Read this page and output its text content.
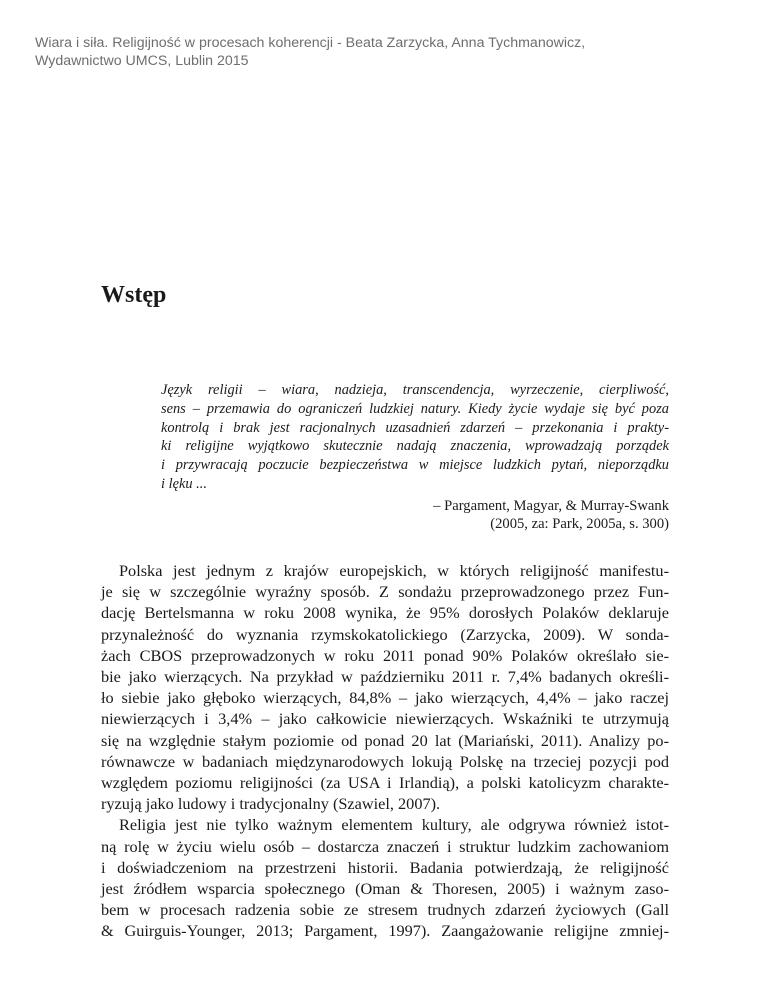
Wiara i siła. Religijność w procesach koherencji - Beata Zarzycka, Anna Tychmanowicz,
Wydawnictwo UMCS, Lublin 2015
Wstęp
Język religii – wiara, nadzieja, transcendencja, wyrzeczenie, cierpliwość,
sens – przemawia do ograniczeń ludzkiej natury. Kiedy życie wydaje się być poza
kontrolą i brak jest racjonalnych uzasadnień zdarzeń – przekonania i prakty-
ki religijne wyjątkowo skutecznie nadają znaczenia, wprowadzają porządek
i przywracają poczucie bezpieczeństwa w miejsce ludzkich pytań, nieporządku
i lęku ...
– Pargament, Magyar, & Murray-Swank
(2005, za: Park, 2005a, s. 300)
Polska jest jednym z krajów europejskich, w których religijność manifestu-
je się w szczególnie wyraźny sposób. Z sondażu przeprowadzonego przez Fun-
dację Bertelsmanna w roku 2008 wynika, że 95% dorosłych Polaków deklaruje
przynależność do wyznania rzymskokatolickiego (Zarzycka, 2009). W sonda-
żach CBOS przeprowadzonych w roku 2011 ponad 90% Polaków określało sie-
bie jako wierzących. Na przykład w październiku 2011 r. 7,4% badanych określi-
ło siebie jako głęboko wierzących, 84,8% – jako wierzących, 4,4% – jako raczej
niewierzących i 3,4% – jako całkowicie niewierzących. Wskaźniki te utrzymują
się na względnie stałym poziomie od ponad 20 lat (Mariański, 2011). Analizy po-
równawcze w badaniach międzynarodowych lokują Polskę na trzeciej pozycji pod
względem poziomu religijności (za USA i Irlandią), a polski katolicyzm charakte-
ryzują jako ludowy i tradycjonalny (Szawiel, 2007).
Religia jest nie tylko ważnym elementem kultury, ale odgrywa również istot-
ną rolę w życiu wielu osób – dostarcza znaczeń i struktur ludzkim zachowaniom
i doświadczeniom na przestrzeni historii. Badania potwierdzają, że religijność
jest źródłem wsparcia społecznego (Oman & Thoresen, 2005) i ważnym zaso-
bem w procesach radzenia sobie ze stresem trudnych zdarzeń życiowych (Gall
& Guirguis-Younger, 2013; Pargament, 1997). Zaangażowanie religijne zmniej-
